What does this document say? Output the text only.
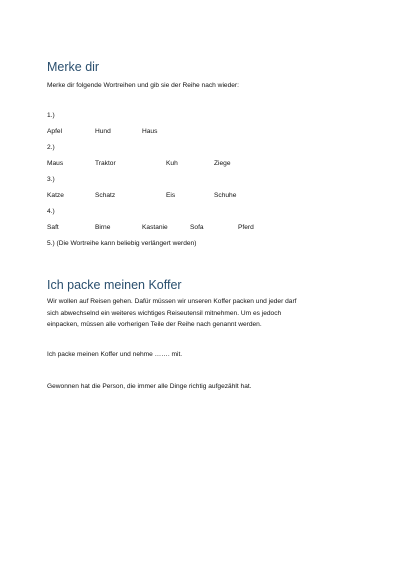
Merke dir

Merke dir folgende Wortreihen und gib sie der Reihe nach wieder:

1.)

Apfel	Hund	Haus

2.)

Maus	Traktor	Kuh	Ziege

3.)

Katze	Schatz	Eis	Schuhe

4.)

Saft	Birne	Kastanie	Sofa	Pferd

5.) (Die Wortreihe kann beliebig verlängert werden)

Ich packe meinen Koffer
Wir wollen auf Reisen gehen. Dafür müssen wir unseren Koffer packen und jeder darf
sich abwechselnd ein weiteres wichtiges Reiseutensil mitnehmen. Um es jedoch
einpacken, müssen alle vorherigen Teile der Reihe nach genannt werden.

Ich packe meinen Koffer und nehme ……. mit.

Gewonnen hat die Person, die immer alle Dinge richtig aufgezählt hat.
